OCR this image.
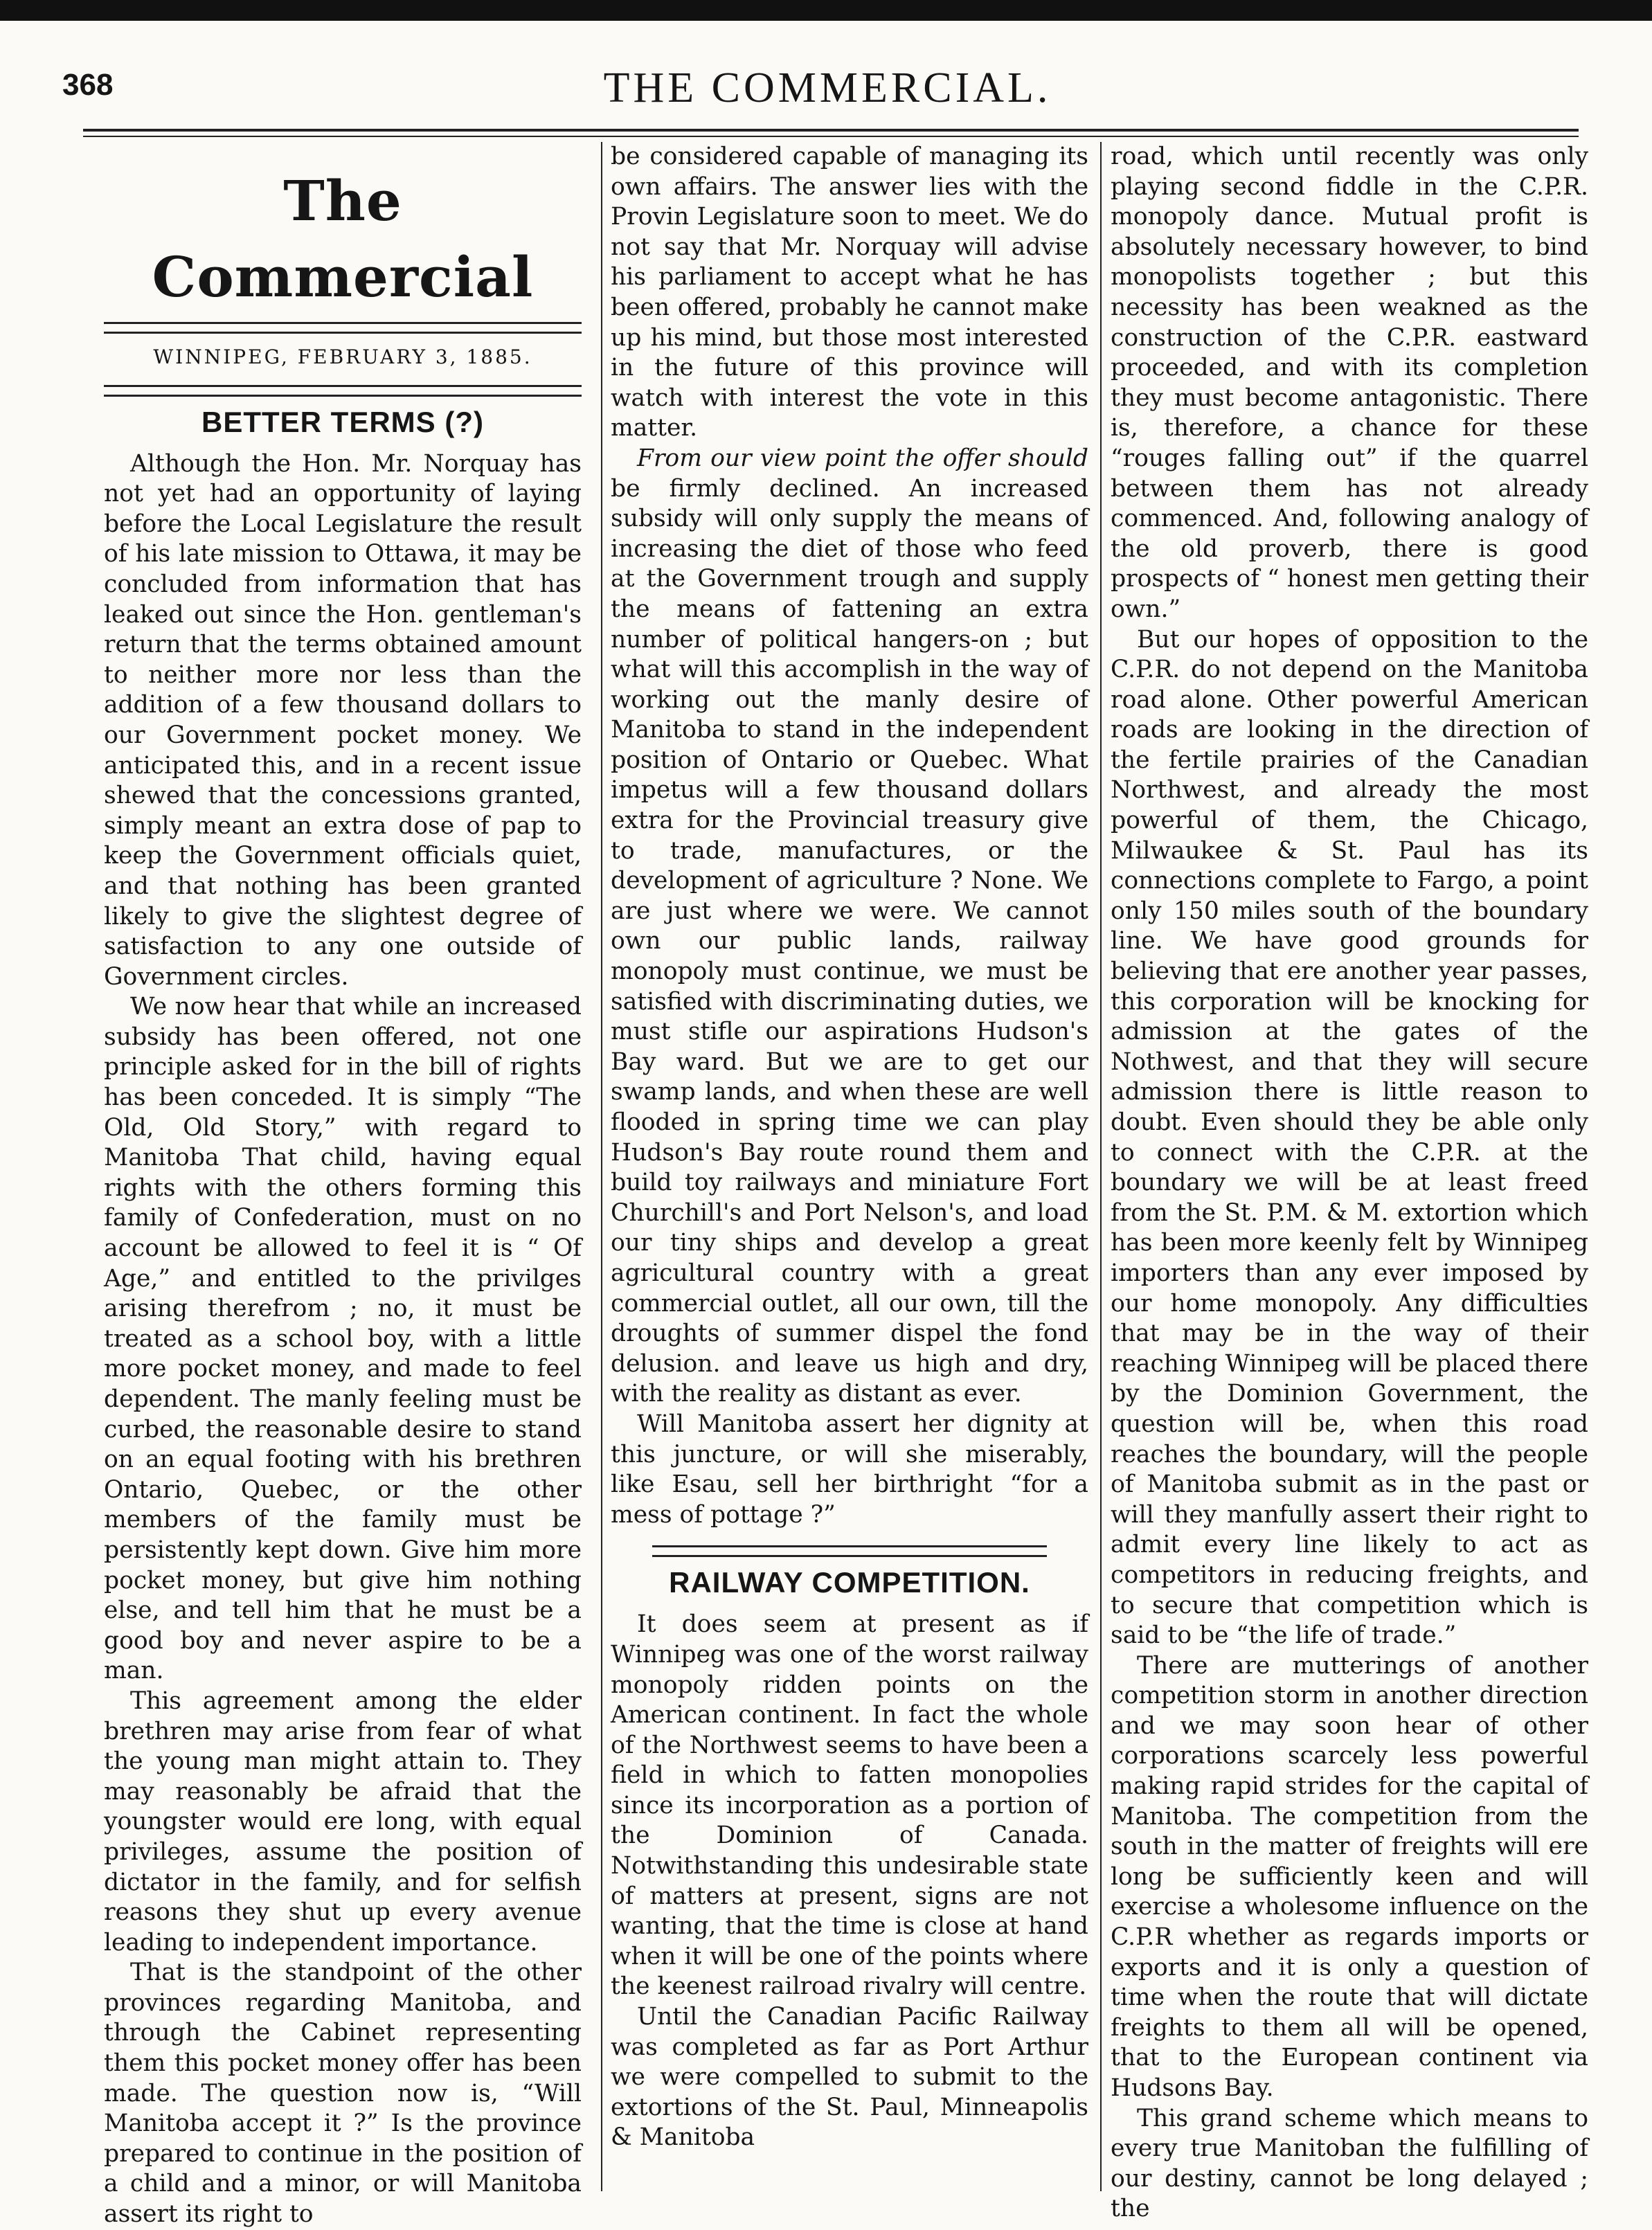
368	THE COMMERCIAL.
The Commercial
WINNIPEG, FEBRUARY 3, 1885.
BETTER TERMS (?)

Although the Hon. Mr. Norquay has not yet had an opportunity of laying before the Local Legislature the result of his late mission to Ottawa, it may be concluded from information that has leaked out since the Hon. gentleman's return that the terms obtained amount to neither more nor less than the addition of a few thousand dollars to our Government pocket money. We anticipated this, and in a recent issue shewed that the concessions granted, simply meant an extra dose of pap to keep the Government officials quiet, and that nothing has been granted likely to give the slightest degree of satisfaction to any one outside of Government circles.

We now hear that while an increased subsidy has been offered, not one principle asked for in the bill of rights has been conceded. It is simply “The Old, Old Story,” with regard to Manitoba That child, having equal rights with the others forming this family of Confederation, must on no account be allowed to feel it is “ Of Age,” and entitled to the privilges arising therefrom ; no, it must be treated as a school boy, with a little more pocket money, and made to feel dependent. The manly feeling must be curbed, the reasonable desire to stand on an equal footing with his brethren Ontario, Quebec, or the other members of the family must be persistently kept down. Give him more pocket money, but give him nothing else, and tell him that he must be a good boy and never aspire to be a man.

This agreement among the elder brethren may arise from fear of what the young man might attain to. They may reasonably be afraid that the youngster would ere long, with equal privileges, assume the position of dictator in the family, and for selfish reasons they shut up every avenue leading to independent importance.

That is the standpoint of the other provinces regarding Manitoba, and through the Cabinet representing them this pocket money offer has been made. The question now is, “Will Manitoba accept it ?” Is the province prepared to continue in the position of a child and a minor, or will Manitoba assert its right to

be considered capable of managing its own affairs. The answer lies with the Provin Legislature soon to meet. We do not say that Mr. Norquay will advise his parliament to accept what he has been offered, probably he cannot make up his mind, but those most interested in the future of this province will watch with interest the vote in this matter.

From our view point the offer should be firmly declined. An increased subsidy will only supply the means of increasing the diet of those who feed at the Government trough and supply the means of fattening an extra number of political hangers-on ; but what will this accomplish in the way of working out the manly desire of Manitoba to stand in the independent position of Ontario or Quebec. What impetus will a few thousand dollars extra for the Provincial treasury give to trade, manufactures, or the development of agriculture ? None. We are just where we were. We cannot own our public lands, railway monopoly must continue, we must be satisfied with discriminating duties, we must stifle our aspirations Hudson's Bay ward. But we are to get our swamp lands, and when these are well flooded in spring time we can play Hudson's Bay route round them and build toy railways and miniature Fort Churchill's and Port Nelson's, and load our tiny ships and develop a great agricultural country with a great commercial outlet, all our own, till the droughts of summer dispel the fond delusion. and leave us high and dry, with the reality as distant as ever.

Will Manitoba assert her dignity at this juncture, or will she miserably, like Esau, sell her birthright “for a mess of pottage ?”

RAILWAY COMPETITION.

It does seem at present as if Winnipeg was one of the worst railway monopoly ridden points on the American continent. In fact the whole of the Northwest seems to have been a field in which to fatten monopolies since its incorporation as a portion of the Dominion of Canada. Notwithstanding this undesirable state of matters at present, signs are not wanting, that the time is close at hand when it will be one of the points where the keenest railroad rivalry will centre.

Until the Canadian Pacific Railway was completed as far as Port Arthur we were compelled to submit to the extortions of the St. Paul, Minneapolis & Manitoba

road, which until recently was only playing second fiddle in the C.P.R. monopoly dance. Mutual profit is absolutely necessary however, to bind monopolists together ; but this necessity has been weakned as the construction of the C.P.R. eastward proceeded, and with its completion they must become antagonistic. There is, therefore, a chance for these “rouges falling out” if the quarrel between them has not already commenced. And, following analogy of the old proverb, there is good prospects of “ honest men getting their own.”

But our hopes of opposition to the C.P.R. do not depend on the Manitoba road alone. Other powerful American roads are looking in the direction of the fertile prairies of the Canadian Northwest, and already the most powerful of them, the Chicago, Milwaukee & St. Paul has its connections complete to Fargo, a point only 150 miles south of the boundary line. We have good grounds for believing that ere another year passes, this corporation will be knocking for admission at the gates of the Nothwest, and that they will secure admission there is little reason to doubt. Even should they be able only to connect with the C.P.R. at the boundary we will be at least freed from the St. P.M. & M. extortion which has been more keenly felt by Winnipeg importers than any ever imposed by our home monopoly. Any difficulties that may be in the way of their reaching Winnipeg will be placed there by the Dominion Government, the question will be, when this road reaches the boundary, will the people of Manitoba submit as in the past or will they manfully assert their right to admit every line likely to act as competitors in reducing freights, and to secure that competition which is said to be “the life of trade.”

There are mutterings of another competition storm in another direction and we may soon hear of other corporations scarcely less powerful making rapid strides for the capital of Manitoba. The competition from the south in the matter of freights will ere long be sufficiently keen and will exercise a wholesome influence on the C.P.R whether as regards imports or exports and it is only a question of time when the route that will dictate freights to them all will be opened, that to the European continent via Hudsons Bay.

This grand scheme which means to every true Manitoban the fulfilling of our destiny, cannot be long delayed ; the
